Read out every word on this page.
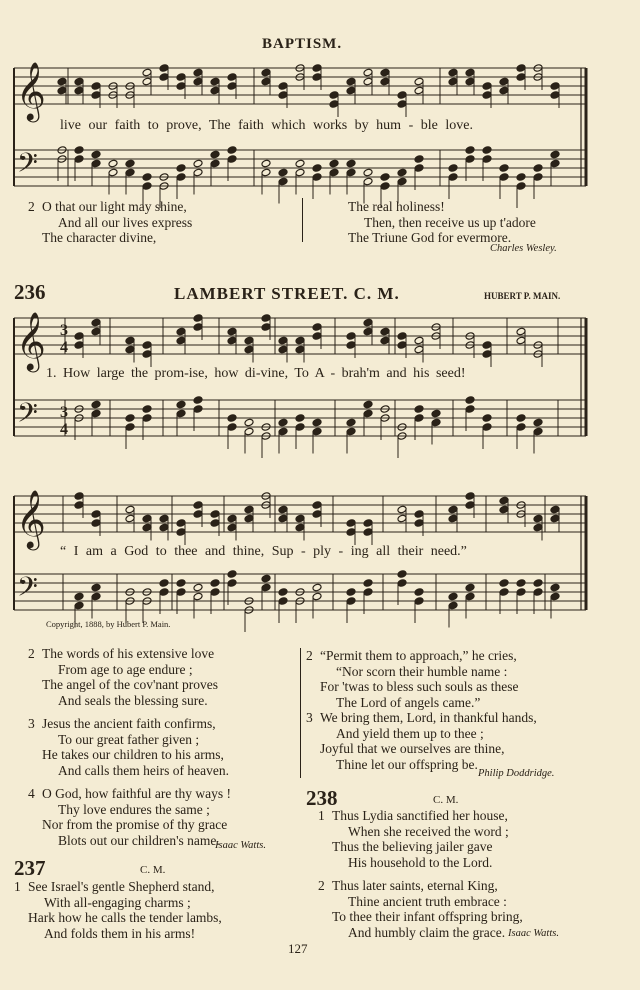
𝄞
𝄢
𝄞
𝄢
𝄞
𝄢
3
4
3
4
BAPTISM.
live our faith to prove, The faith which works by hum - ble love.
2 O that our light may shine,
And all our lives express
The character divine,
The real holiness!
Then, then receive us up t'adore
The Triune God for evermore.
Charles Wesley.
236	LAMBERT STREET. C. M.	HUBERT P. MAIN.
1. How large the prom-ise, how di-vine, To A - brah'm and his seed!
“ I am a God to thee and thine, Sup - ply - ing all their need.”
Copyright, 1888, by Hubert P. Main.
2 The words of his extensive love
From age to age endure ;
The angel of the cov'nant proves
And seals the blessing sure.
3 Jesus the ancient faith confirms,
To our great father given ;
He takes our children to his arms,
And calls them heirs of heaven.
4 O God, how faithful are thy ways !
Thy love endures the same ;
Nor from the promise of thy grace
Blots out our children's name.
Isaac Watts.
2 “Permit them to approach,” he cries,
“Nor scorn their humble name :
For 'twas to bless such souls as these
The Lord of angels came.”
3 We bring them, Lord, in thankful hands,
And yield them up to thee ;
Joyful that we ourselves are thine,
Thine let our offspring be.
Philip Doddridge.
237	C. M.
1 See Israel's gentle Shepherd stand,
With all-engaging charms ;
Hark how he calls the tender lambs,
And folds them in his arms!
238	C. M.
1 Thus Lydia sanctified her house,
When she received the word ;
Thus the believing jailer gave
His household to the Lord.
2 Thus later saints, eternal King,
Thine ancient truth embrace :
To thee their infant offspring bring,
And humbly claim the grace. Isaac Watts.
127
